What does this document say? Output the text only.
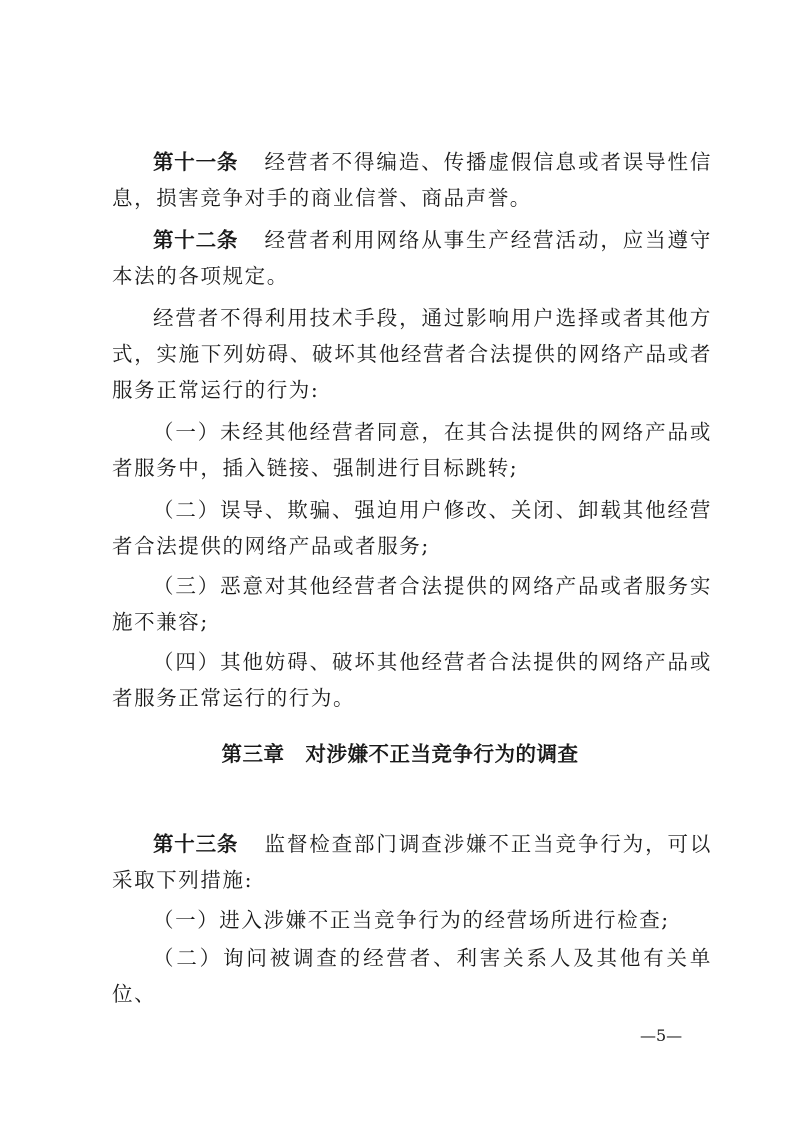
第十一条 经营者不得编造、传播虚假信息或者误导性信息，损害竞争对手的商业信誉、商品声誉。

第十二条 经营者利用网络从事生产经营活动，应当遵守本法的各项规定。

经营者不得利用技术手段，通过影响用户选择或者其他方式，实施下列妨碍、破坏其他经营者合法提供的网络产品或者服务正常运行的行为:

（一）未经其他经营者同意，在其合法提供的网络产品或者服务中，插入链接、强制进行目标跳转;

（二）误导、欺骗、强迫用户修改、关闭、卸载其他经营者合法提供的网络产品或者服务;

（三）恶意对其他经营者合法提供的网络产品或者服务实施不兼容;

（四）其他妨碍、破坏其他经营者合法提供的网络产品或者服务正常运行的行为。

第三章　对涉嫌不正当竞争行为的调查

第十三条 监督检查部门调查涉嫌不正当竞争行为，可以采取下列措施:

（一）进入涉嫌不正当竞争行为的经营场所进行检查;

（二）询问被调查的经营者、利害关系人及其他有关单位、

—5—
